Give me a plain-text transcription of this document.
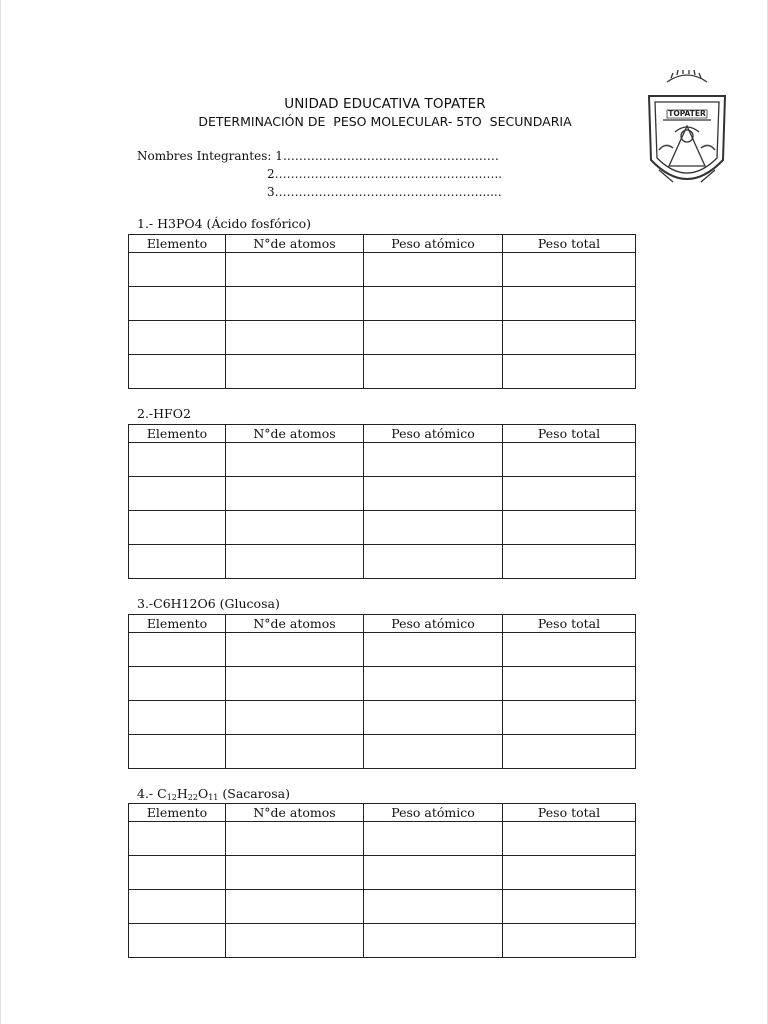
UNIDAD EDUCATIVA TOPATER
DETERMINACIÓN DE  PESO MOLECULAR- 5TO  SECUNDARIA
TOPATER
Nombres Integrantes: 1………………………………………………
2…………………………………………….…..
3……………………………………………......
1.- H3PO4 (Ácido fosfórico)
Elemento	N°de atomos	Peso atómico	Peso total

2.-HFO2
Elemento	N°de atomos	Peso atómico	Peso total

3.-C6H12O6 (Glucosa)
Elemento	N°de atomos	Peso atómico	Peso total

4.- $C_{12}H_{22}O_{11}$ (Sacarosa)
Elemento	N°de atomos	Peso atómico	Peso total
